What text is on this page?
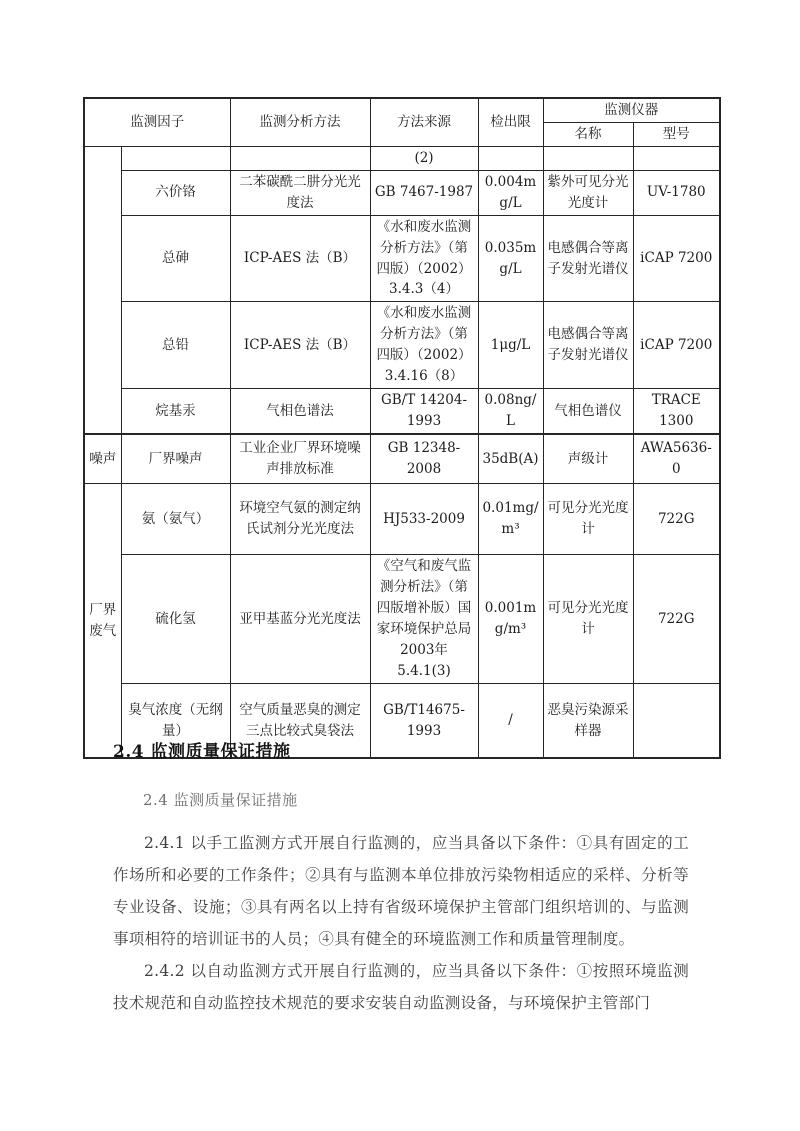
监测因子		监测分析方法	方法来源	检出限	监测仪器	
					名称	型号
			(2)			
	六价铬	二苯碳酰二肼分光光度法	GB 7467-1987	0.004mg/L	紫外可见分光光度计	UV-1780
	总砷	ICP-AES 法（B）	《水和废水监测分析方法》（第四版）（2002）3.4.3（4）	0.035mg/L	电感偶合等离子发射光谱仪	iCAP 7200
	总铅	ICP-AES 法（B）	《水和废水监测分析方法》（第四版）（2002） 3.4.16（8）	1μg/L	电感偶合等离子发射光谱仪	iCAP 7200
	烷基汞	气相色谱法	GB/T 14204-1993	0.08ng/L	气相色谱仪	TRACE 1300
噪声	厂界噪声	工业企业厂界环境噪声排放标准	GB 12348-2008	35dB(A)	声级计	AWA5636-0
厂界废气	氨（氨气）	环境空气氨的测定纳氏试剂分光光度法	HJ533-2009	0.01mg/m³	可见分光光度计	722G
	硫化氢	亚甲基蓝分光光度法	《空气和废气监测分析法》（第四版增补版）国家环境保护总局2003年5.4.1(3)	0.001mg/m³	可见分光光度计	722G
	臭气浓度（无纲量）	空气质量恶臭的测定三点比较式臭袋法	GB/T14675-1993	/	恶臭污染源采样器	
2.4 监测质量保证措施
2.4 监测质量保证措施

2.4.1 以手工监测方式开展自行监测的，应当具备以下条件：①具有固定的工作场所和必要的工作条件；②具有与监测本单位排放污染物相适应的采样、分析等专业设备、设施；③具有两名以上持有省级环境保护主管部门组织培训的、与监测事项相符的培训证书的人员；④具有健全的环境监测工作和质量管理制度。

2.4.2 以自动监测方式开展自行监测的，应当具备以下条件：①按照环境监测技术规范和自动监控技术规范的要求安装自动监测设备，与环境保护主管部门
